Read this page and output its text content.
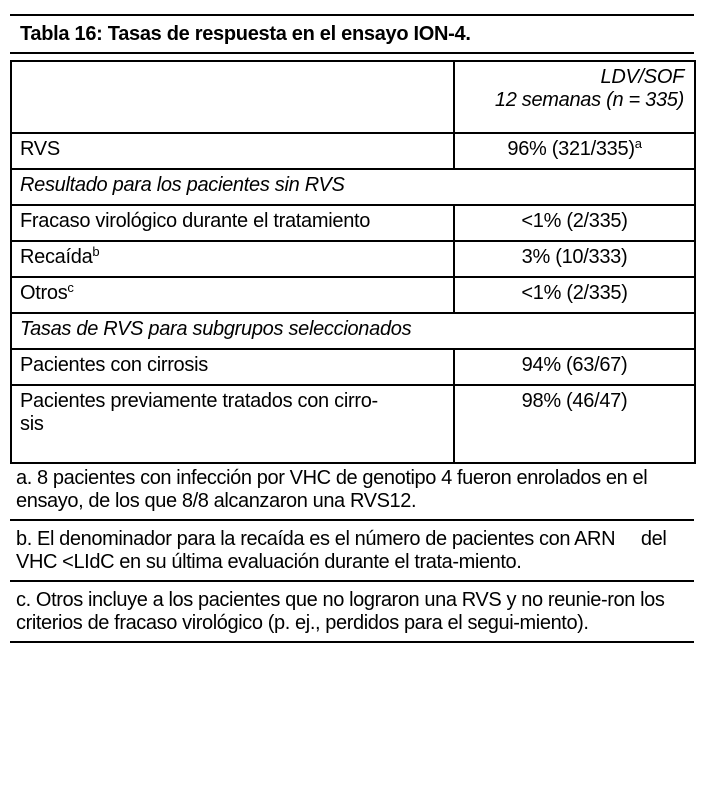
Tabla 16: Tasas de respuesta en el ensayo ION-4.

	LDV/SOF
12 semanas (n = 335)

RVS	96% $(321/335)^a$
Resultado para los pacientes sin RVS	
Fracaso virológico durante el tratamiento	<1% (2/335)
Recaída$^b$	3% (10/333)
Otros$^c$	<1% (2/335)
Tasas de RVS para subgrupos seleccionados	
Pacientes con cirrosis	94% (63/67)

Pacientes previamente tratados con cirro-
sis	98% (46/47)
a. 8 pacientes con infección por VHC de genotipo 4 fueron enrolados en el ensayo, de los que 8/8 alcanzaron una RVS12.
b. El denominador para la recaída es el número de pacientes con ARN     del VHC <LIdC en su última evaluación durante el trata-miento.
c. Otros incluye a los pacientes que no lograron una RVS y no reunie-ron los criterios de fracaso virológico (p. ej., perdidos para el segui-miento).
